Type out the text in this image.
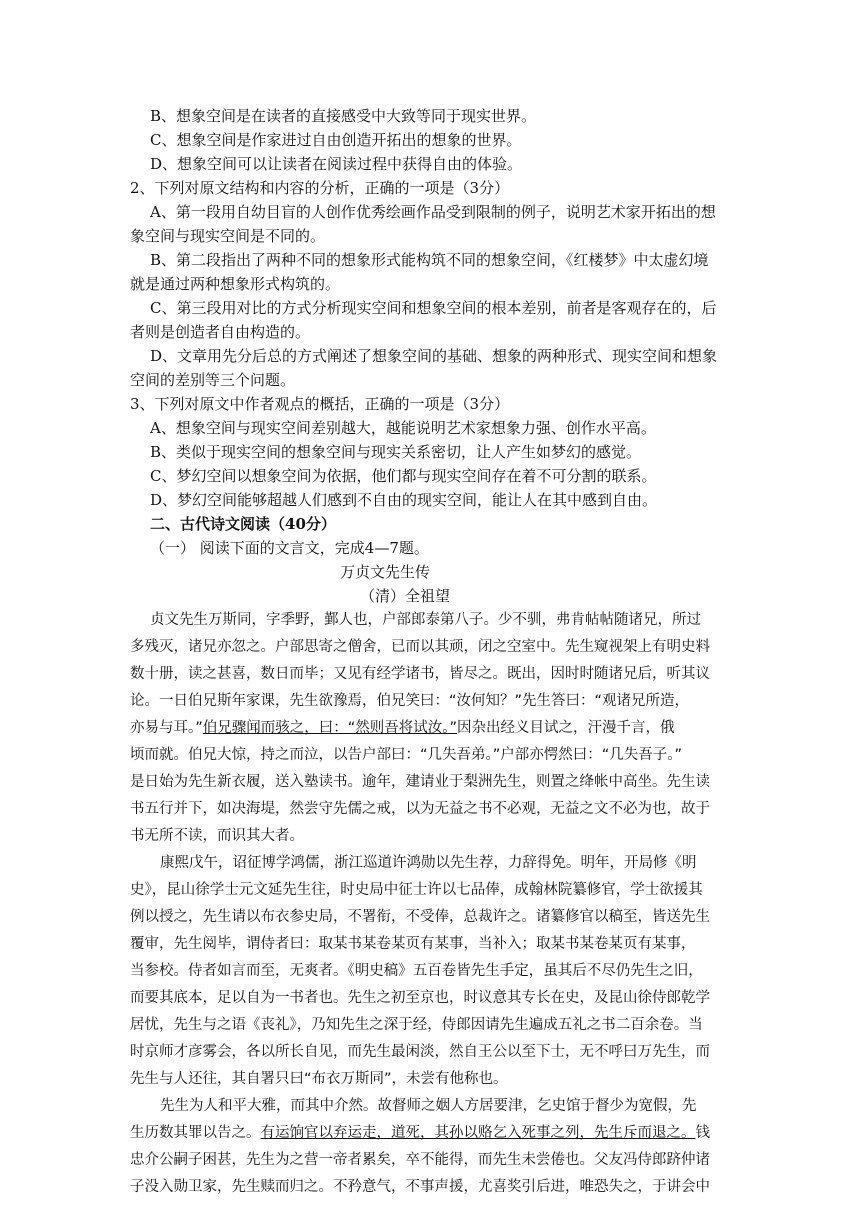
B、想象空间是在读者的直接感受中大致等同于现实世界。
C、想象空间是作家进过自由创造开拓出的想象的世界。
D、想象空间可以让读者在阅读过程中获得自由的体验。
2、下列对原文结构和内容的分析，正确的一项是（3分）
A、第一段用自幼目盲的人创作优秀绘画作品受到限制的例子，说明艺术家开拓出的想
象空间与现实空间是不同的。
B、第二段指出了两种不同的想象形式能构筑不同的想象空间，《红楼梦》中太虚幻境
就是通过两种想象形式构筑的。
C、第三段用对比的方式分析现实空间和想象空间的根本差别，前者是客观存在的，后
者则是创造者自由构造的。
D、文章用先分后总的方式阐述了想象空间的基础、想象的两种形式、现实空间和想象
空间的差别等三个问题。
3、下列对原文中作者观点的概括，正确的一项是（3分）
A、想象空间与现实空间差别越大，越能说明艺术家想象力强、创作水平高。
B、类似于现实空间的想象空间与现实关系密切，让人产生如梦幻的感觉。
C、梦幻空间以想象空间为依据，他们都与现实空间存在着不可分割的联系。
D、梦幻空间能够超越人们感到不自由的现实空间，能让人在其中感到自由。
二、古代诗文阅读（40分）
（一） 阅读下面的文言文，完成4—7题。
万贞文先生传
（清）全祖望
贞文先生万斯同，字季野，鄞人也，户部郎泰第八子。少不驯，弗肯帖帖随诸兄，所过
多残灭，诸兄亦忽之。户部思寄之僧舍，已而以其顽，闭之空室中。先生窥视架上有明史料
数十册，读之甚喜，数日而毕；又见有经学诸书，皆尽之。既出，因时时随诸兄后，听其议
论。一日伯兄斯年家课，先生欲豫焉，伯兄笑曰：“汝何知？”先生答曰：“观诸兄所造，
亦易与耳。”伯兄骤闻而骇之，曰：“然则吾将试汝。”因杂出经义目试之，汗漫千言，俄
顷而就。伯兄大惊，持之而泣，以告户部曰：“几失吾弟。”户部亦愕然曰：“几失吾子。”
是日始为先生新衣履，送入塾读书。逾年，建请业于梨洲先生，则置之绛帐中高坐。先生读
书五行并下，如决海堤，然尝守先儒之戒，以为无益之书不必观，无益之文不必为也，故于
书无所不读，而识其大者。
康熙戊午，诏征博学鸿儒，浙江巡道许鸿勋以先生荐，力辞得免。明年，开局修《明
史》，昆山徐学士元文延先生往，时史局中征士许以七品俸，成翰林院纂修官，学士欲援其
例以授之，先生请以布衣参史局，不署衔，不受俸，总裁许之。诸纂修官以稿至，皆送先生
覆审，先生阅毕，谓侍者曰：取某书某卷某页有某事，当补入；取某书某卷某页有某事，
当参校。侍者如言而至，无爽者。《明史稿》五百卷皆先生手定，虽其后不尽仍先生之旧，
而要其底本，足以自为一书者也。先生之初至京也，时议意其专长在史，及昆山徐侍郎乾学
居忧，先生与之语《丧礼》，乃知先生之深于经，侍郎因请先生遍成五礼之书二百余卷。当
时京师才彦雾会，各以所长自见，而先生最闲淡，然自王公以至下士，无不呼曰万先生，而
先生与人还往，其自署只曰“布衣万斯同”，未尝有他称也。
先生为人和平大雅，而其中介然。故督师之姻人方居要津，乞史馆于督少为宽假，先
生历数其罪以告之。有运饷官以弃运走，道死，其孙以赂乞入死事之列，先生斥而退之。钱
忠介公嗣子困甚，先生为之营一帝者累矣，卒不能得，而先生未尝倦也。父友冯侍郎跻仲诸
子没入勋卫家，先生赎而归之。不矜意气，不事声援，尤喜奖引后进，唯恐失之，于讲会中
